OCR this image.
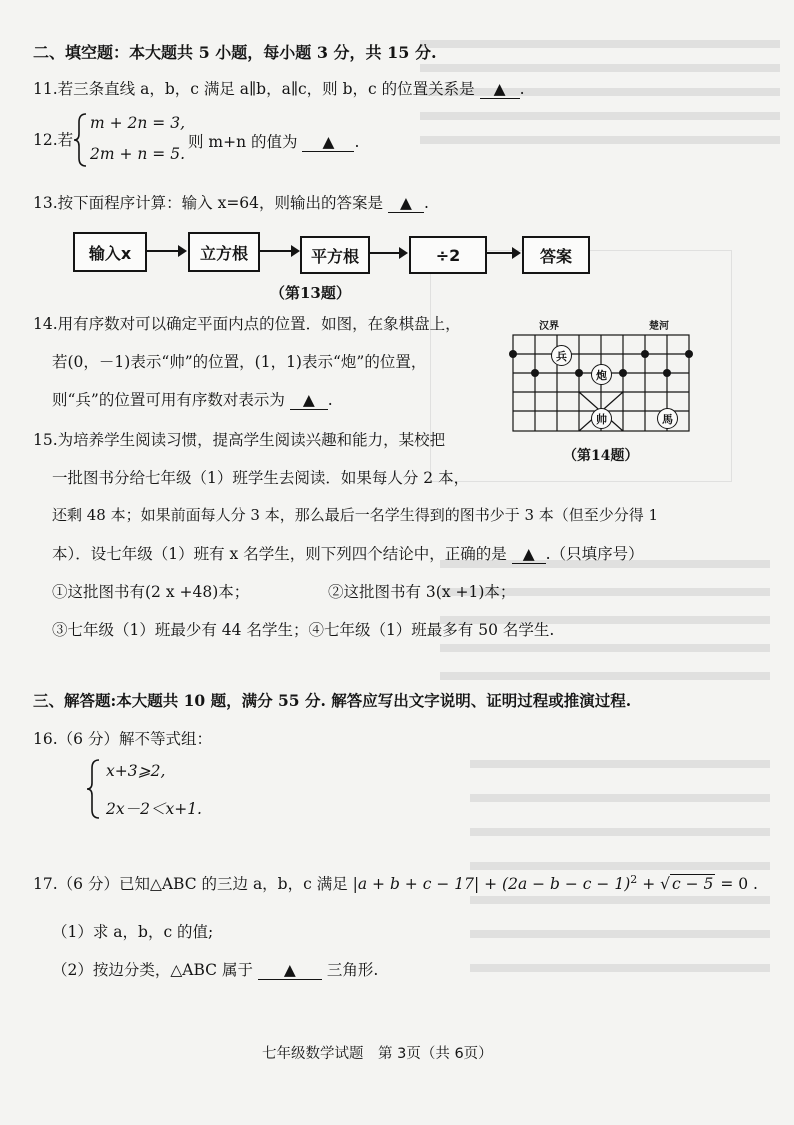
二、填空题：本大题共 5 小题，每小题 3 分，共 15 分.
11.若三条直线 a，b，c 满足 a∥b，a∥c，则 b，c 的位置关系是 ▲ .
12.若
m + 2n = 3,
2m + n = 5.
则 m+n 的值为 ▲ .
13.按下面程序计算：输入 x=64，则输出的答案是 ▲ .
输入x	立方根	平方根	÷2	答案
（第13题）
14.用有序数对可以确定平面内点的位置．如图，在象棋盘上，
若(0，－1)表示“帅”的位置，(1，1)表示“炮”的位置，
则“兵”的位置可用有序数对表示为 ▲ .
汉界	楚河
兵
炮
帅	馬
（第14题）
15.为培养学生阅读习惯，提高学生阅读兴趣和能力，某校把
一批图书分给七年级（1）班学生去阅读．如果每人分 2 本，
还剩 48 本；如果前面每人分 3 本，那么最后一名学生得到的图书少于 3 本（但至少分得 1
本）．设七年级（1）班有 x 名学生，则下列四个结论中，正确的是 ▲ .（只填序号）
①这批图书有(2 x +48)本；	②这批图书有 3(x +1)本；
③七年级（1）班最少有 44 名学生；④七年级（1）班最多有 50 名学生.
三、解答题:本大题共 10 题，满分 55 分. 解答应写出文字说明、证明过程或推演过程.
16.（6 分）解不等式组：
x+3⩾2,
2x－2＜x+1.
17.（6 分）已知△ABC 的三边 a，b，c 满足 $|a + b + c - 17| + (2a - b - c - 1)^2$ + √ c − 5 = 0 .
（1）求 a，b，c 的值;
（2）按边分类，△ABC 属于 ▲ 三角形.
七年级数学试题　第 3页（共 6页）
